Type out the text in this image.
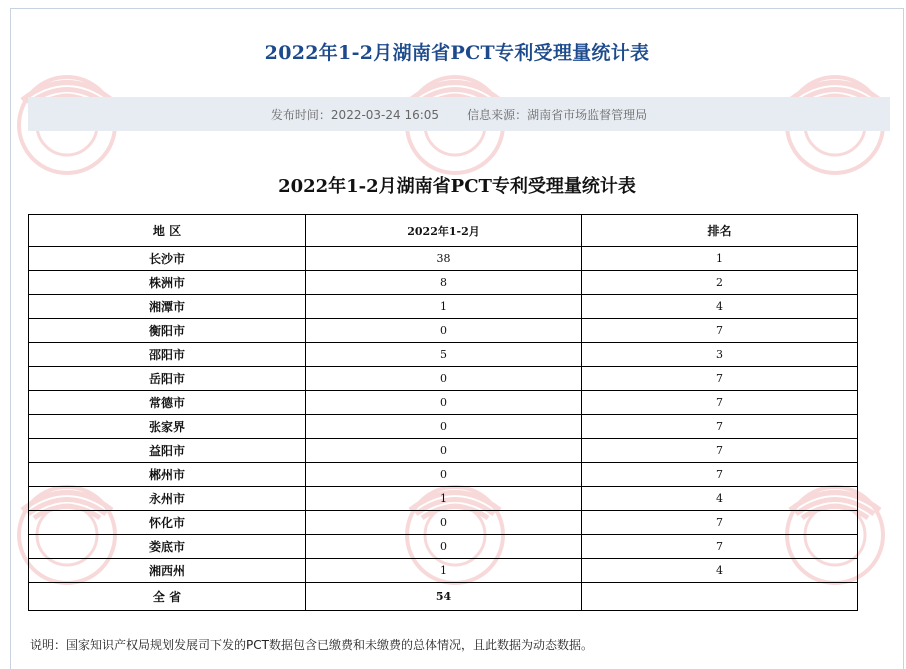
2022年1-2月湖南省PCT专利受理量统计表
发布时间：2022-03-24 16:05 信息来源：湖南省市场监督管理局
2022年1-2月湖南省PCT专利受理量统计表
地 区	2022年1-2月	排名
长沙市	38	1
株洲市	8	2
湘潭市	1	4
衡阳市	0	7
邵阳市	5	3
岳阳市	0	7
常德市	0	7
张家界	0	7
益阳市	0	7
郴州市	0	7
永州市	1	4
怀化市	0	7
娄底市	0	7
湘西州	1	4
全 省	54	
说明：国家知识产权局规划发展司下发的PCT数据包含已缴费和未缴费的总体情况，且此数据为动态数据。
